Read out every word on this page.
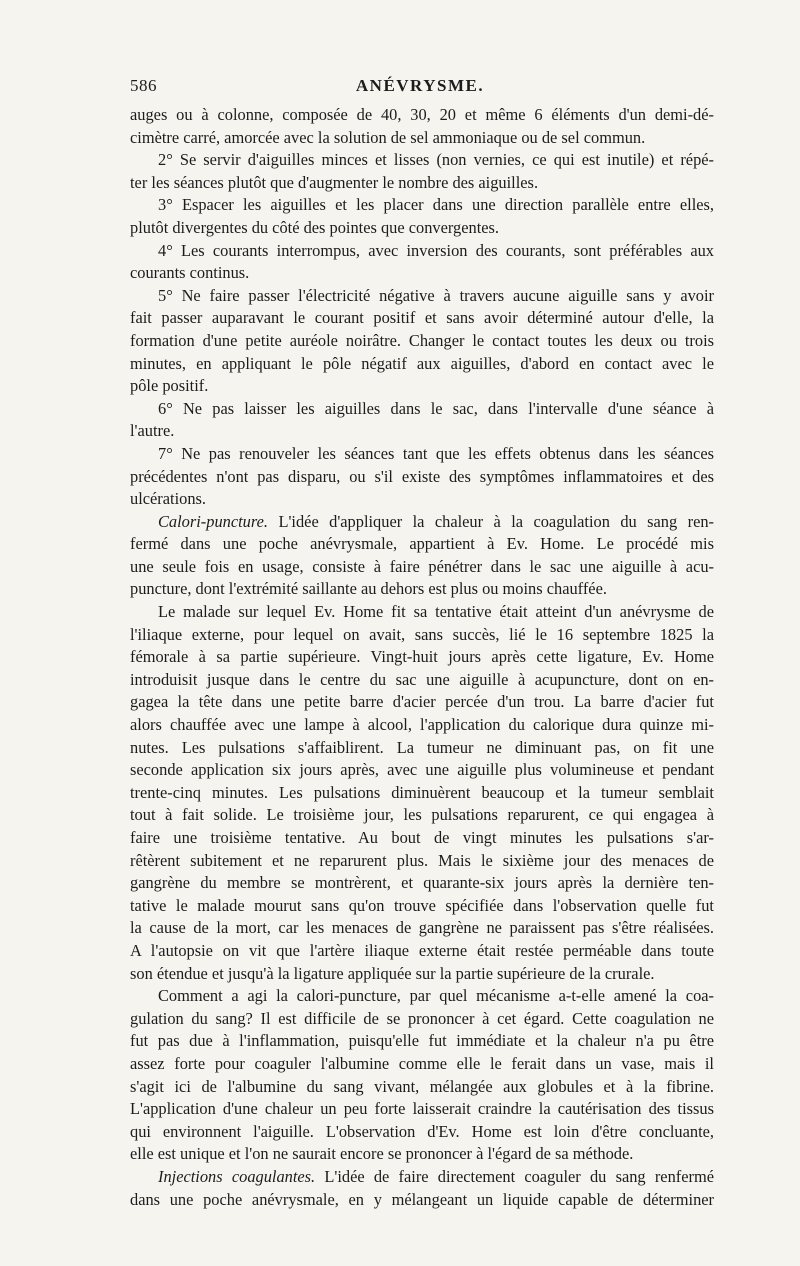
586	ANÉVRYSME.
auges ou à colonne, composée de 40, 30, 20 et même 6 éléments d'un demi-dé-
cimètre carré, amorcée avec la solution de sel ammoniaque ou de sel commun.
2° Se servir d'aiguilles minces et lisses (non vernies, ce qui est inutile) et répé-
ter les séances plutôt que d'augmenter le nombre des aiguilles.
3° Espacer les aiguilles et les placer dans une direction parallèle entre elles,
plutôt divergentes du côté des pointes que convergentes.
4° Les courants interrompus, avec inversion des courants, sont préférables aux
courants continus.
5° Ne faire passer l'électricité négative à travers aucune aiguille sans y avoir
fait passer auparavant le courant positif et sans avoir déterminé autour d'elle, la
formation d'une petite auréole noirâtre. Changer le contact toutes les deux ou trois
minutes, en appliquant le pôle négatif aux aiguilles, d'abord en contact avec le
pôle positif.
6° Ne pas laisser les aiguilles dans le sac, dans l'intervalle d'une séance à
l'autre.
7° Ne pas renouveler les séances tant que les effets obtenus dans les séances
précédentes n'ont pas disparu, ou s'il existe des symptômes inflammatoires et des
ulcérations.
Calori-puncture. L'idée d'appliquer la chaleur à la coagulation du sang ren-
fermé dans une poche anévrysmale, appartient à Ev. Home. Le procédé mis
une seule fois en usage, consiste à faire pénétrer dans le sac une aiguille à acu-
puncture, dont l'extrémité saillante au dehors est plus ou moins chauffée.
Le malade sur lequel Ev. Home fit sa tentative était atteint d'un anévrysme de
l'iliaque externe, pour lequel on avait, sans succès, lié le 16 septembre 1825 la
fémorale à sa partie supérieure. Vingt-huit jours après cette ligature, Ev. Home
introduisit jusque dans le centre du sac une aiguille à acupuncture, dont on en-
gagea la tête dans une petite barre d'acier percée d'un trou. La barre d'acier fut
alors chauffée avec une lampe à alcool, l'application du calorique dura quinze mi-
nutes. Les pulsations s'affaiblirent. La tumeur ne diminuant pas, on fit une
seconde application six jours après, avec une aiguille plus volumineuse et pendant
trente-cinq minutes. Les pulsations diminuèrent beaucoup et la tumeur semblait
tout à fait solide. Le troisième jour, les pulsations reparurent, ce qui engagea à
faire une troisième tentative. Au bout de vingt minutes les pulsations s'ar-
rêtèrent subitement et ne reparurent plus. Mais le sixième jour des menaces de
gangrène du membre se montrèrent, et quarante-six jours après la dernière ten-
tative le malade mourut sans qu'on trouve spécifiée dans l'observation quelle fut
la cause de la mort, car les menaces de gangrène ne paraissent pas s'être réalisées.
A l'autopsie on vit que l'artère iliaque externe était restée perméable dans toute
son étendue et jusqu'à la ligature appliquée sur la partie supérieure de la crurale.
Comment a agi la calori-puncture, par quel mécanisme a-t-elle amené la coa-
gulation du sang? Il est difficile de se prononcer à cet égard. Cette coagulation ne
fut pas due à l'inflammation, puisqu'elle fut immédiate et la chaleur n'a pu être
assez forte pour coaguler l'albumine comme elle le ferait dans un vase, mais il
s'agit ici de l'albumine du sang vivant, mélangée aux globules et à la fibrine.
L'application d'une chaleur un peu forte laisserait craindre la cautérisation des tissus
qui environnent l'aiguille. L'observation d'Ev. Home est loin d'être concluante,
elle est unique et l'on ne saurait encore se prononcer à l'égard de sa méthode.
Injections coagulantes. L'idée de faire directement coaguler du sang renfermé
dans une poche anévrysmale, en y mélangeant un liquide capable de déterminer
